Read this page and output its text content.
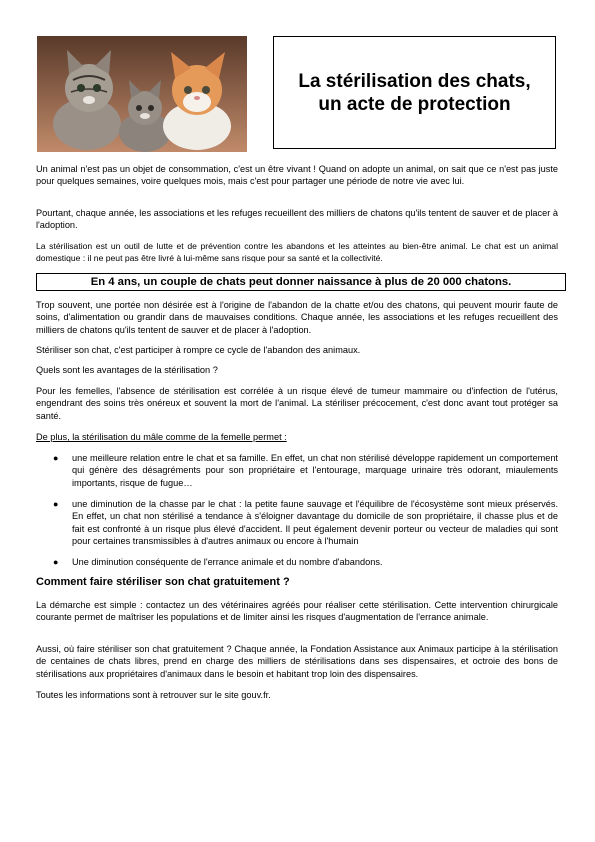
La stérilisation des chats,
un acte de protection

Un animal n'est pas un objet de consommation, c'est un être vivant ! Quand on adopte un animal, on sait que ce n'est pas juste pour quelques semaines, voire quelques mois, mais c'est pour partager une période de notre vie avec lui.

Pourtant, chaque année, les associations et les refuges recueillent des milliers de chatons qu'ils tentent de sauver et de placer à l'adoption.

La stérilisation est un outil de lutte et de prévention contre les abandons et les atteintes au bien-être animal. Le chat est un animal domestique : il ne peut pas être livré à lui-même sans risque pour sa santé et la collectivité.

En 4 ans, un couple de chats peut donner naissance à plus de 20 000 chatons.

Trop souvent, une portée non désirée est à l'origine de l'abandon de la chatte et/ou des chatons, qui peuvent mourir faute de soins, d'alimentation ou grandir dans de mauvaises conditions. Chaque année, les associations et les refuges recueillent des milliers de chatons qu'ils tentent de sauver et de placer à l'adoption.

Stériliser son chat, c'est participer à rompre ce cycle de l'abandon des animaux.

Quels sont les avantages de la stérilisation ?

Pour les femelles, l'absence de stérilisation est corrélée à un risque élevé de tumeur mammaire ou d'infection de l'utérus, engendrant des soins très onéreux et souvent la mort de l'animal. La stériliser précocement, c'est donc avant tout protéger sa santé.

De plus, la stérilisation du mâle comme de la femelle permet :

● une meilleure relation entre le chat et sa famille. En effet, un chat non stérilisé développe rapidement un comportement qui génère des désagréments pour son propriétaire et l'entourage, marquage urinaire très odorant, miaulements importants, risque de fugue…
● une diminution de la chasse par le chat : la petite faune sauvage et l'équilibre de l'écosystème sont mieux préservés. En effet, un chat non stérilisé a tendance à s'éloigner davantage du domicile de son propriétaire, il chasse plus et de fait est confronté à un risque plus élevé d'accident. Il peut également devenir porteur ou vecteur de maladies qui sont pour certaines transmissibles à d'autres animaux ou encore à l'humain
● Une diminution conséquente de l'errance animale et du nombre d'abandons.

Comment faire stériliser son chat gratuitement ?

La démarche est simple : contactez un des vétérinaires agréés pour réaliser cette stérilisation. Cette intervention chirurgicale courante permet de maîtriser les populations et de limiter ainsi les risques d'augmentation de l'errance animale.

Aussi, où faire stériliser son chat gratuitement ? Chaque année, la Fondation Assistance aux Animaux participe à la stérilisation de centaines de chats libres, prend en charge des milliers de stérilisations dans ses dispensaires, et octroie des bons de stérilisations aux propriétaires d'animaux dans le besoin et habitant trop loin des dispensaires.

Toutes les informations sont à retrouver sur le site gouv.fr.
